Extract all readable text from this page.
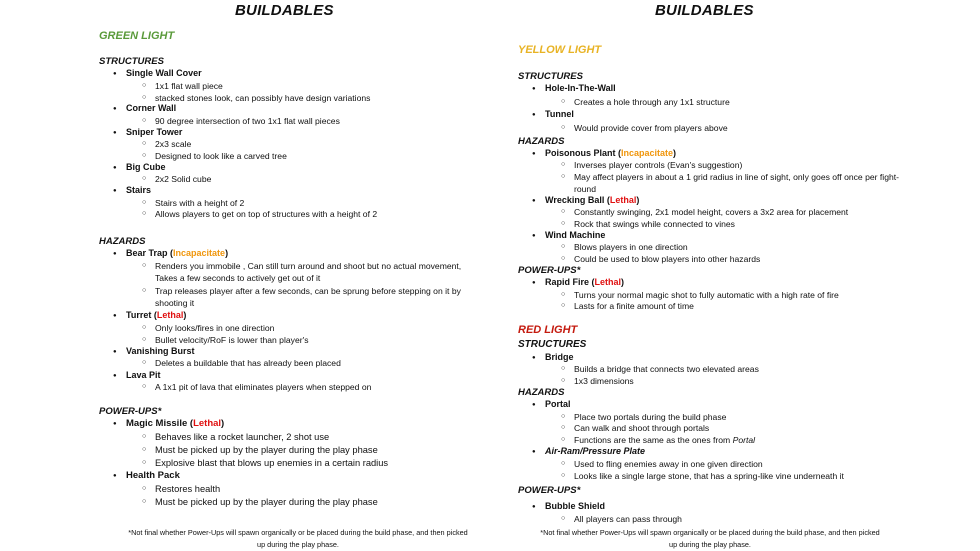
BUILDABLES
GREEN LIGHT
STRUCTURES
● Single Wall Cover
○ 1x1 flat wall piece
○ stacked stones look, can possibly have design variations
● Corner Wall
○ 90 degree intersection of two 1x1 flat wall pieces
● Sniper Tower
○ 2x3 scale
○ Designed to look like a carved tree
● Big Cube
○ 2x2 Solid cube
● Stairs
○ Stairs with a height of 2
○ Allows players to get on top of structures with a height of 2
HAZARDS
● Bear Trap (Incapacitate)
○ Renders you immobile , Can still turn around and shoot but no actual movement, Takes a few seconds to actively get out of it
○ Trap releases player after a few seconds, can be sprung before stepping on it by shooting it
● Turret (Lethal)
○ Only looks/fires in one direction
○ Bullet velocity/RoF is lower than player's
● Vanishing Burst
○ Deletes a buildable that has already been placed
● Lava Pit
○ A 1x1 pit of lava that eliminates players when stepped on
POWER-UPS*
● Magic Missile (Lethal)
○ Behaves like a rocket launcher, 2 shot use
○ Must be picked up by the player during the play phase
○ Explosive blast that blows up enemies in a certain radius
● Health Pack
○ Restores health
○ Must be picked up by the player during the play phase
*Not final whether Power-Ups will spawn organically or be placed during the build phase, and then picked
up during the play phase.
BUILDABLES
YELLOW LIGHT
STRUCTURES
● Hole-In-The-Wall
○ Creates a hole through any 1x1 structure
● Tunnel
○ Would provide cover from players above
HAZARDS
● Poisonous Plant (Incapacitate)
○ Inverses player controls (Evan's suggestion)
○ May affect players in about a 1 grid radius in line of sight, only goes off once per fight-round
● Wrecking Ball (Lethal)
○ Constantly swinging, 2x1 model height, covers a 3x2 area for placement
○ Rock that swings while connected to vines
● Wind Machine
○ Blows players in one direction
○ Could be used to blow players into other hazards
POWER-UPS*
● Rapid Fire (Lethal)
○ Turns your normal magic shot to fully automatic with a high rate of fire
○ Lasts for a finite amount of time
RED LIGHT
STRUCTURES
● Bridge
○ Builds a bridge that connects two elevated areas
○ 1x3 dimensions
HAZARDS
● Portal
○ Place two portals during the build phase
○ Can walk and shoot through portals
○ Functions are the same as the ones from Portal
● Air-Ram/Pressure Plate
○ Used to fling enemies away in one given direction
○ Looks like a single large stone, that has a spring-like vine underneath it
POWER-UPS*
● Bubble Shield
○ All players can pass through
*Not final whether Power-Ups will spawn organically or be placed during the build phase, and then picked
up during the play phase.
